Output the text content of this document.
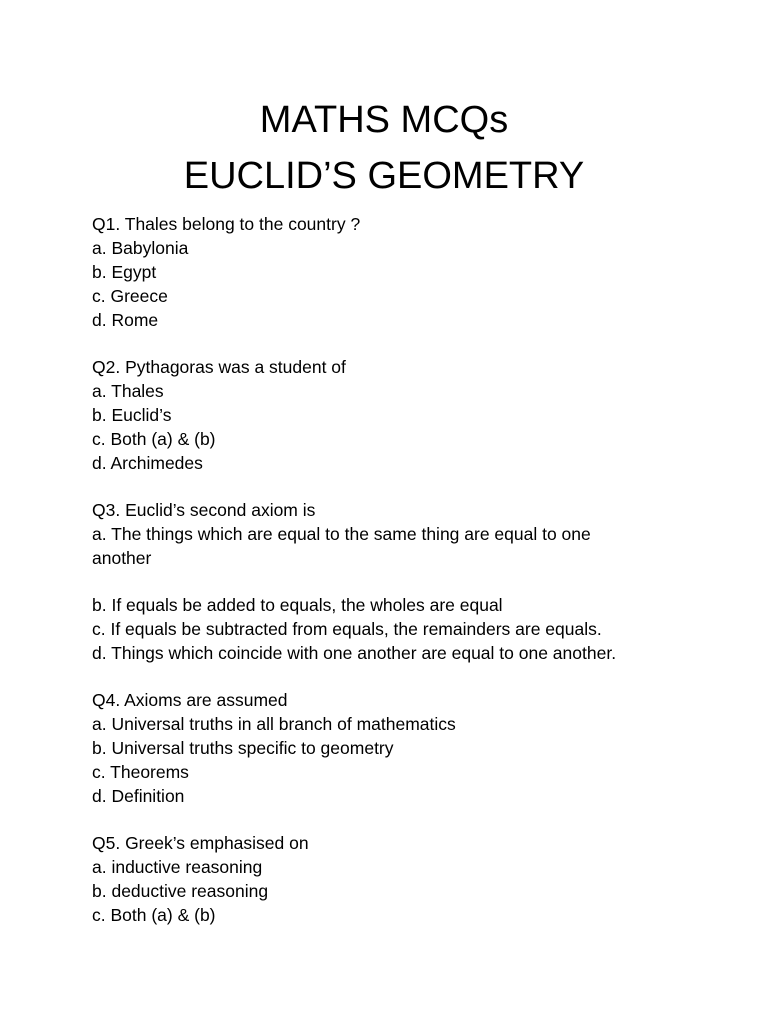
MATHS MCQs
EUCLID’S GEOMETRY
Q1. Thales belong to the country ?
a. Babylonia
b. Egypt
c. Greece
d. Rome
Q2. Pythagoras was a student of
a. Thales
b. Euclid’s
c. Both (a) & (b)
d. Archimedes
Q3. Euclid’s second axiom is
a. The things which are equal to the same thing are equal to one another
b. If equals be added to equals, the wholes are equal
c. If equals be subtracted from equals, the remainders are equals.
d. Things which coincide with one another are equal to one another.
Q4. Axioms are assumed
a. Universal truths in all branch of mathematics
b. Universal truths specific to geometry
c. Theorems
d. Definition
Q5. Greek’s emphasised on
a. inductive reasoning
b. deductive reasoning
c. Both (a) & (b)
